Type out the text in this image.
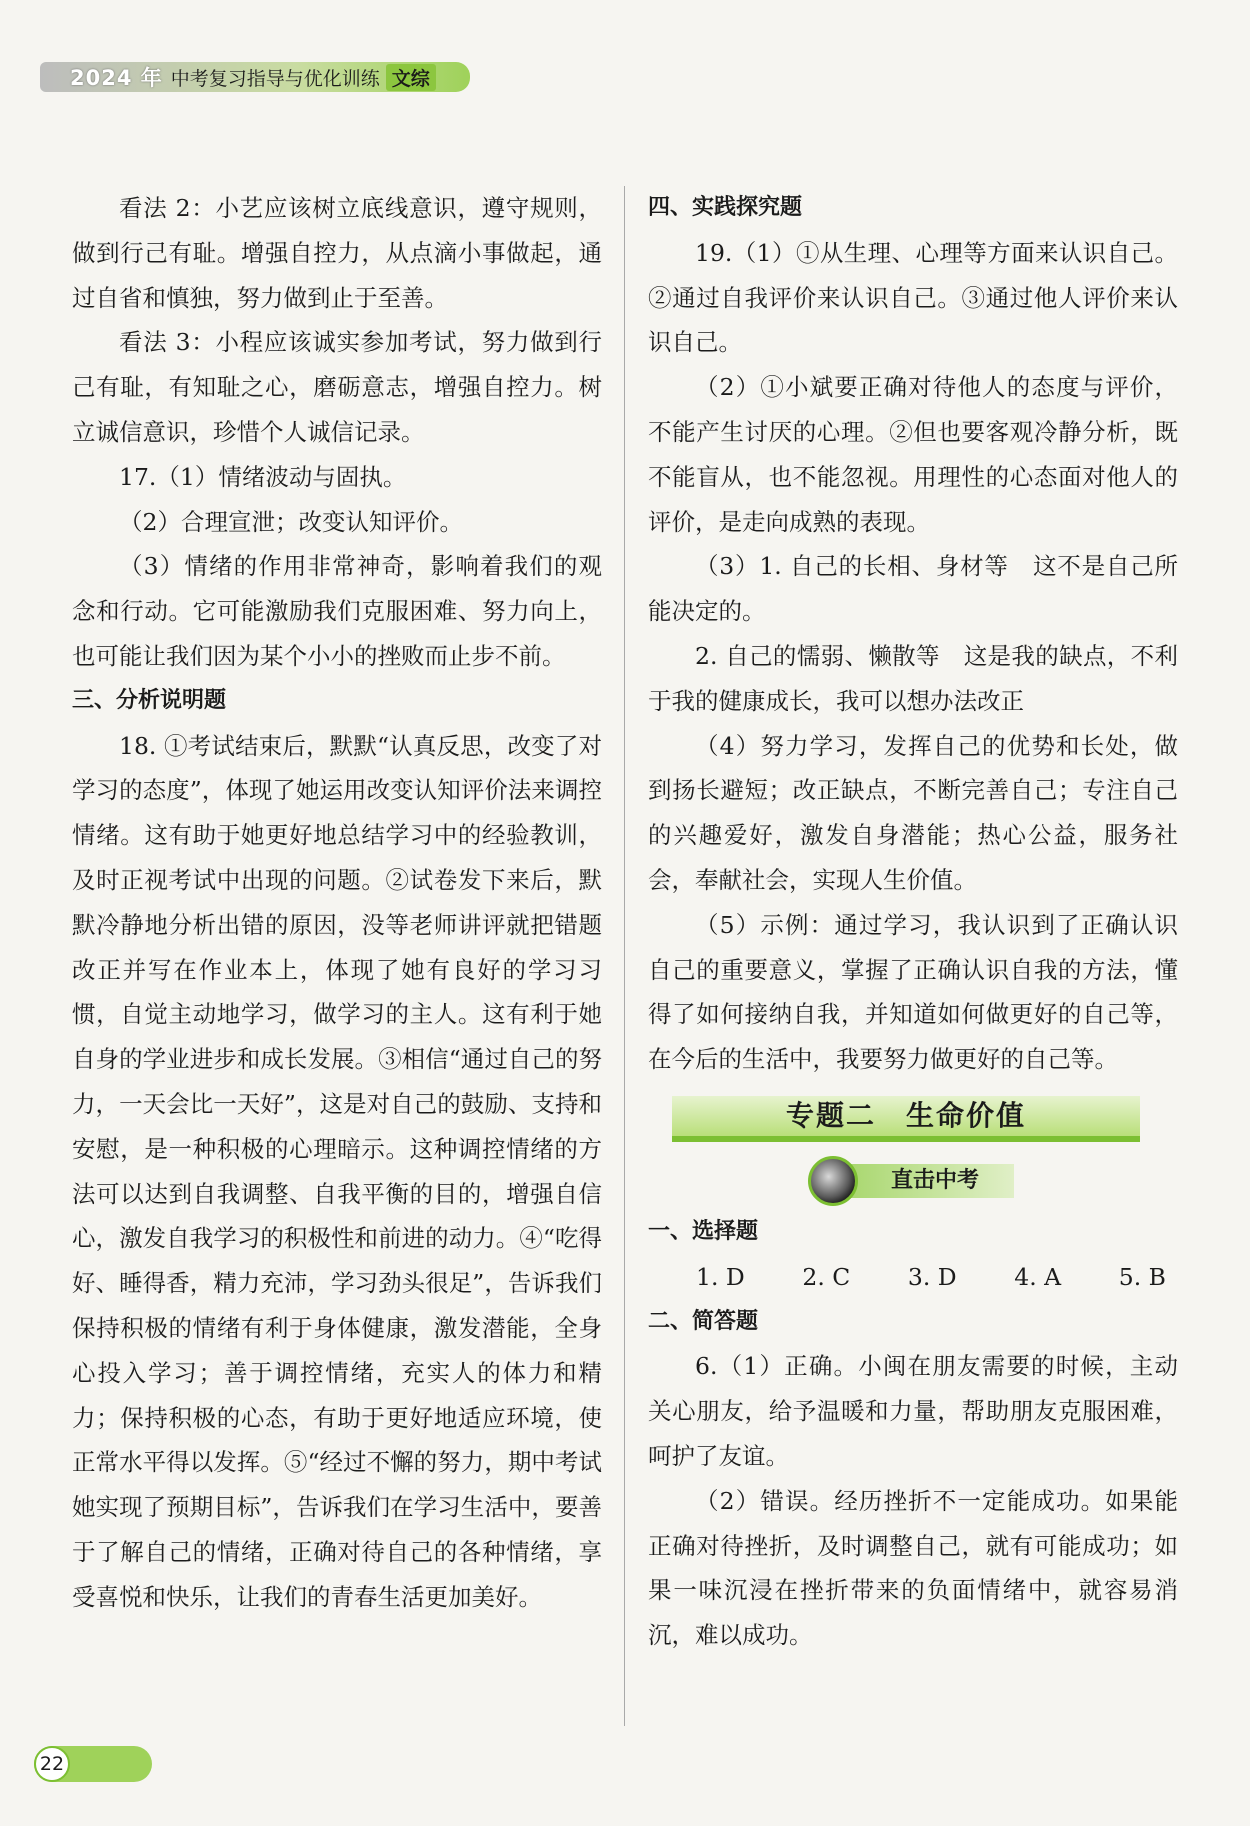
2024 年 中考复习指导与优化训练 文综

看法 2：小艺应该树立底线意识，遵守规则，做到行己有耻。增强自控力，从点滴小事做起，通过自省和慎独，努力做到止于至善。

看法 3：小程应该诚实参加考试，努力做到行己有耻，有知耻之心，磨砺意志，增强自控力。树立诚信意识，珍惜个人诚信记录。

17.（1）情绪波动与固执。

（2）合理宣泄；改变认知评价。

（3）情绪的作用非常神奇，影响着我们的观念和行动。它可能激励我们克服困难、努力向上，也可能让我们因为某个小小的挫败而止步不前。

三、分析说明题

18. ①考试结束后，默默“认真反思，改变了对学习的态度”，体现了她运用改变认知评价法来调控情绪。这有助于她更好地总结学习中的经验教训，及时正视考试中出现的问题。②试卷发下来后，默默冷静地分析出错的原因，没等老师讲评就把错题改正并写在作业本上，体现了她有良好的学习习惯，自觉主动地学习，做学习的主人。这有利于她自身的学业进步和成长发展。③相信“通过自己的努力，一天会比一天好”，这是对自己的鼓励、支持和安慰，是一种积极的心理暗示。这种调控情绪的方法可以达到自我调整、自我平衡的目的，增强自信心，激发自我学习的积极性和前进的动力。④“吃得好、睡得香，精力充沛，学习劲头很足”，告诉我们保持积极的情绪有利于身体健康，激发潜能，全身心投入学习；善于调控情绪，充实人的体力和精力；保持积极的心态，有助于更好地适应环境，使正常水平得以发挥。⑤“经过不懈的努力，期中考试她实现了预期目标”，告诉我们在学习生活中，要善于了解自己的情绪，正确对待自己的各种情绪，享受喜悦和快乐，让我们的青春生活更加美好。

四、实践探究题

19.（1）①从生理、心理等方面来认识自己。②通过自我评价来认识自己。③通过他人评价来认识自己。

（2）①小斌要正确对待他人的态度与评价，不能产生讨厌的心理。②但也要客观冷静分析，既不能盲从，也不能忽视。用理性的心态面对他人的评价，是走向成熟的表现。

（3）1. 自己的长相、身材等　这不是自己所能决定的。

2. 自己的懦弱、懒散等　这是我的缺点，不利于我的健康成长，我可以想办法改正

（4）努力学习，发挥自己的优势和长处，做到扬长避短；改正缺点，不断完善自己；专注自己的兴趣爱好，激发自身潜能；热心公益，服务社会，奉献社会，实现人生价值。

（5）示例：通过学习，我认识到了正确认识自己的重要意义，掌握了正确认识自我的方法，懂得了如何接纳自我，并知道如何做更好的自己等，在今后的生活中，我要努力做更好的自己等。

专题二　生命价值
直击中考

一、选择题

1. D 2. C 3. D 4. A 5. B

二、简答题

6.（1）正确。小闽在朋友需要的时候，主动关心朋友，给予温暖和力量，帮助朋友克服困难，呵护了友谊。

（2）错误。经历挫折不一定能成功。如果能正确对待挫折，及时调整自己，就有可能成功；如果一味沉浸在挫折带来的负面情绪中，就容易消沉，难以成功。

22
